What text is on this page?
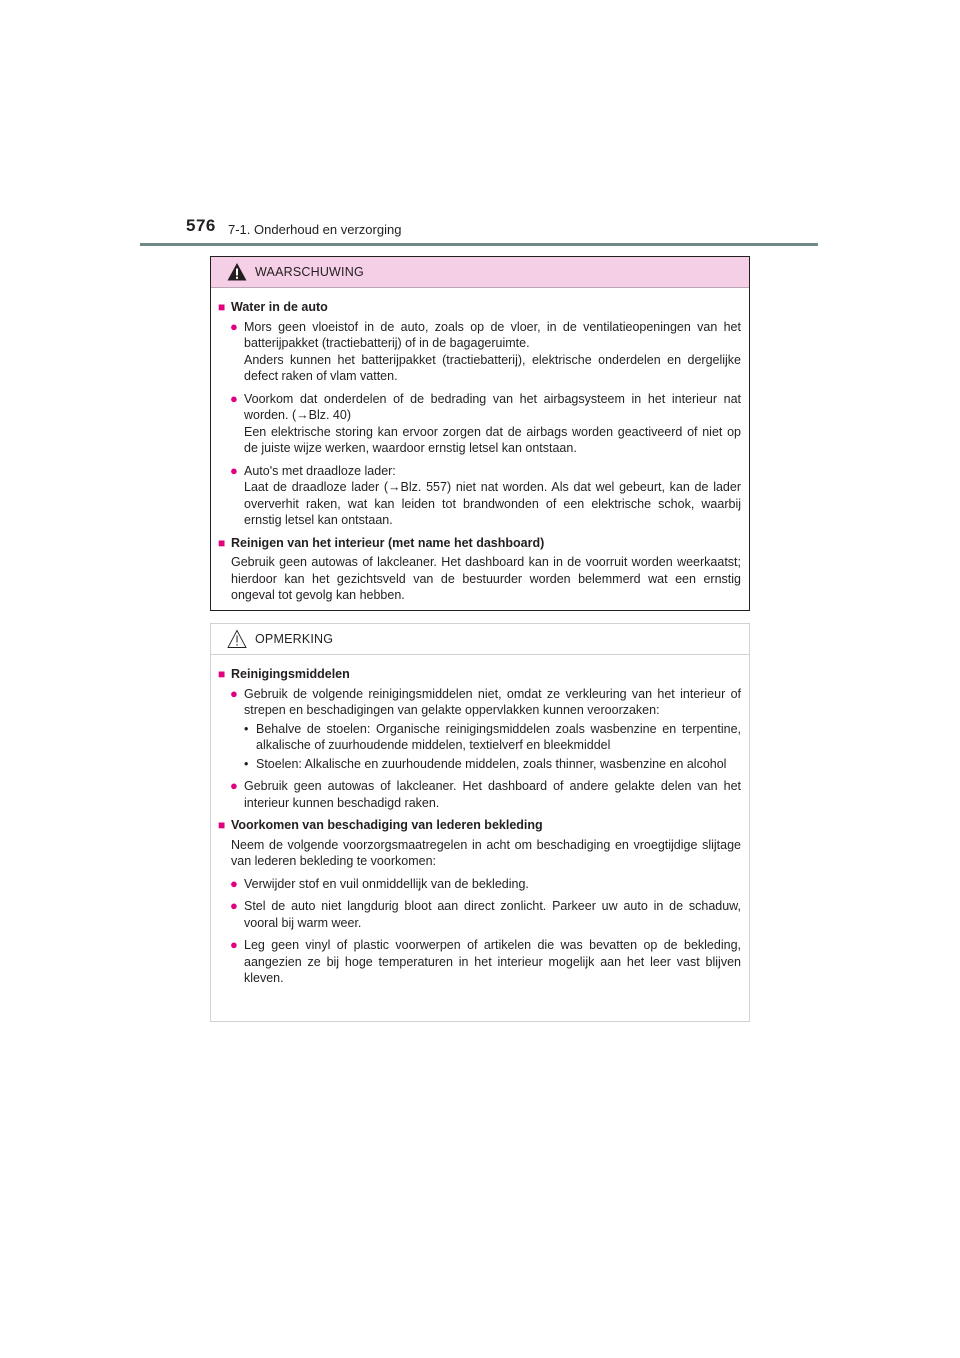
576 7-1. Onderhoud en verzorging
WAARSCHUWING
■ Water in de auto
● Mors geen vloeistof in de auto, zoals op de vloer, in de ventilatieopeningen van het batterijpakket (tractiebatterij) of in de bagageruimte.
Anders kunnen het batterijpakket (tractiebatterij), elektrische onderdelen en dergelijke defect raken of vlam vatten.
● Voorkom dat onderdelen of de bedrading van het airbagsysteem in het interieur nat worden. (→Blz. 40)
Een elektrische storing kan ervoor zorgen dat de airbags worden geactiveerd of niet op de juiste wijze werken, waardoor ernstig letsel kan ontstaan.
● Auto's met draadloze lader:
Laat de draadloze lader (→Blz. 557) niet nat worden. Als dat wel gebeurt, kan de lader oververhit raken, wat kan leiden tot brandwonden of een elektrische schok, waarbij ernstig letsel kan ontstaan.
■ Reinigen van het interieur (met name het dashboard)
Gebruik geen autowas of lakcleaner. Het dashboard kan in de voorruit worden weerkaatst; hierdoor kan het gezichtsveld van de bestuurder worden belemmerd wat een ernstig ongeval tot gevolg kan hebben.
OPMERKING
■ Reinigingsmiddelen
● Gebruik de volgende reinigingsmiddelen niet, omdat ze verkleuring van het interieur of strepen en beschadigingen van gelakte oppervlakken kunnen veroorzaken:
• Behalve de stoelen: Organische reinigingsmiddelen zoals wasbenzine en terpentine, alkalische of zuurhoudende middelen, textielverf en bleekmiddel
• Stoelen: Alkalische en zuurhoudende middelen, zoals thinner, wasbenzine en alcohol
● Gebruik geen autowas of lakcleaner. Het dashboard of andere gelakte delen van het interieur kunnen beschadigd raken.
■ Voorkomen van beschadiging van lederen bekleding
Neem de volgende voorzorgsmaatregelen in acht om beschadiging en vroegtijdige slijtage van lederen bekleding te voorkomen:
● Verwijder stof en vuil onmiddellijk van de bekleding.
● Stel de auto niet langdurig bloot aan direct zonlicht. Parkeer uw auto in de schaduw, vooral bij warm weer.
● Leg geen vinyl of plastic voorwerpen of artikelen die was bevatten op de bekleding, aangezien ze bij hoge temperaturen in het interieur mogelijk aan het leer vast blijven kleven.
